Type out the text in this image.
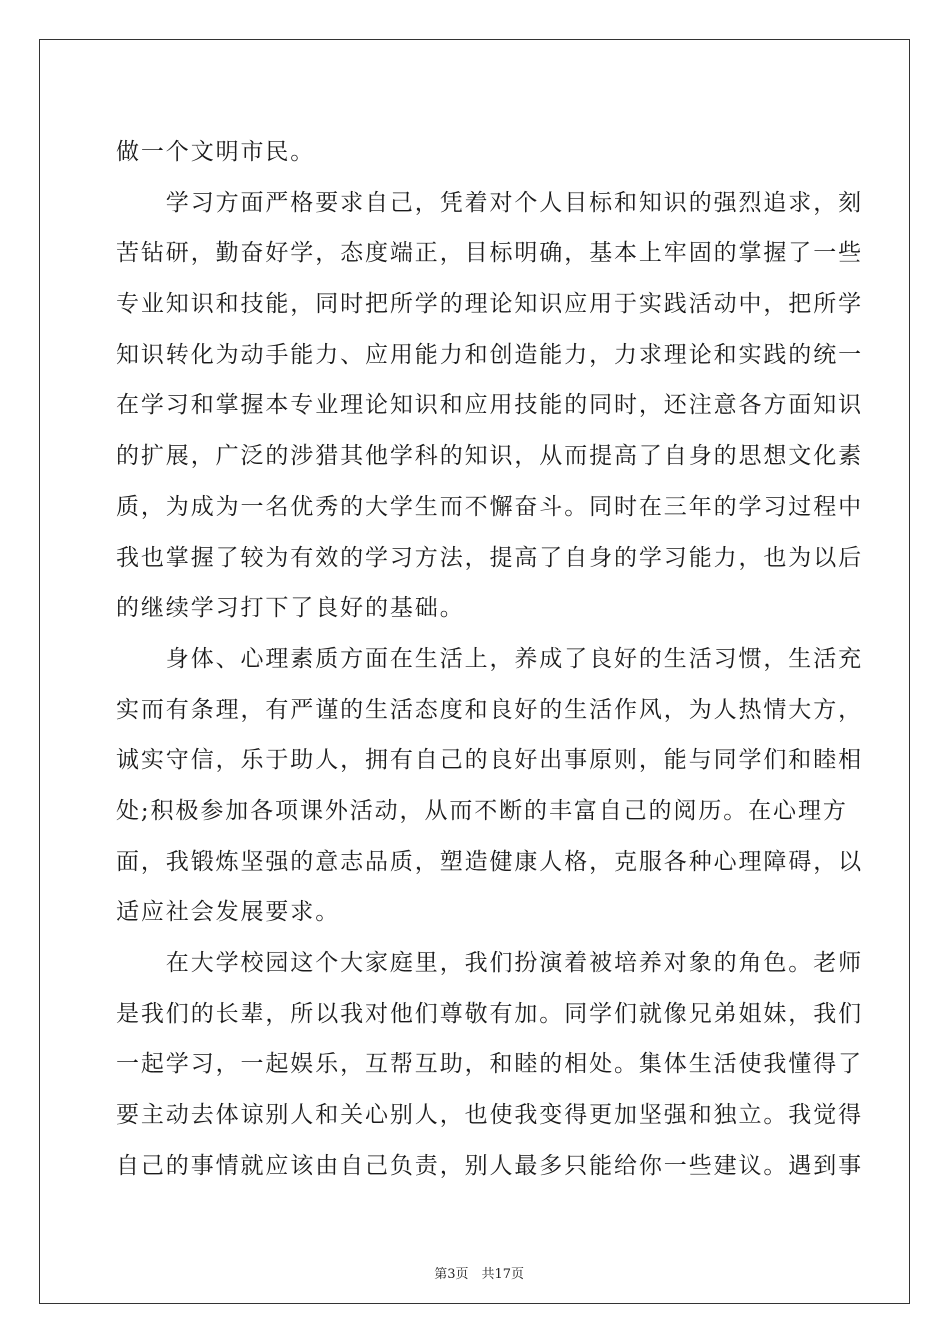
做一个文明市民。
　　学习方面严格要求自己，凭着对个人目标和知识的强烈追求，刻
苦钻研，勤奋好学，态度端正，目标明确，基本上牢固的掌握了一些
专业知识和技能，同时把所学的理论知识应用于实践活动中，把所学
知识转化为动手能力、应用能力和创造能力，力求理论和实践的统一
在学习和掌握本专业理论知识和应用技能的同时，还注意各方面知识
的扩展，广泛的涉猎其他学科的知识，从而提高了自身的思想文化素
质，为成为一名优秀的大学生而不懈奋斗。同时在三年的学习过程中
我也掌握了较为有效的学习方法，提高了自身的学习能力，也为以后
的继续学习打下了良好的基础。
　　身体、心理素质方面在生活上，养成了良好的生活习惯，生活充
实而有条理，有严谨的生活态度和良好的生活作风，为人热情大方，
诚实守信，乐于助人，拥有自己的良好出事原则，能与同学们和睦相
处;积极参加各项课外活动，从而不断的丰富自己的阅历。在心理方
面，我锻炼坚强的意志品质，塑造健康人格，克服各种心理障碍，以
适应社会发展要求。
　　在大学校园这个大家庭里，我们扮演着被培养对象的角色。老师
是我们的长辈，所以我对他们尊敬有加。同学们就像兄弟姐妹，我们
一起学习，一起娱乐，互帮互助，和睦的相处。集体生活使我懂得了
要主动去体谅别人和关心别人，也使我变得更加坚强和独立。我觉得
自己的事情就应该由自己负责，别人最多只能给你一些建议。遇到事

第3页　共17页
